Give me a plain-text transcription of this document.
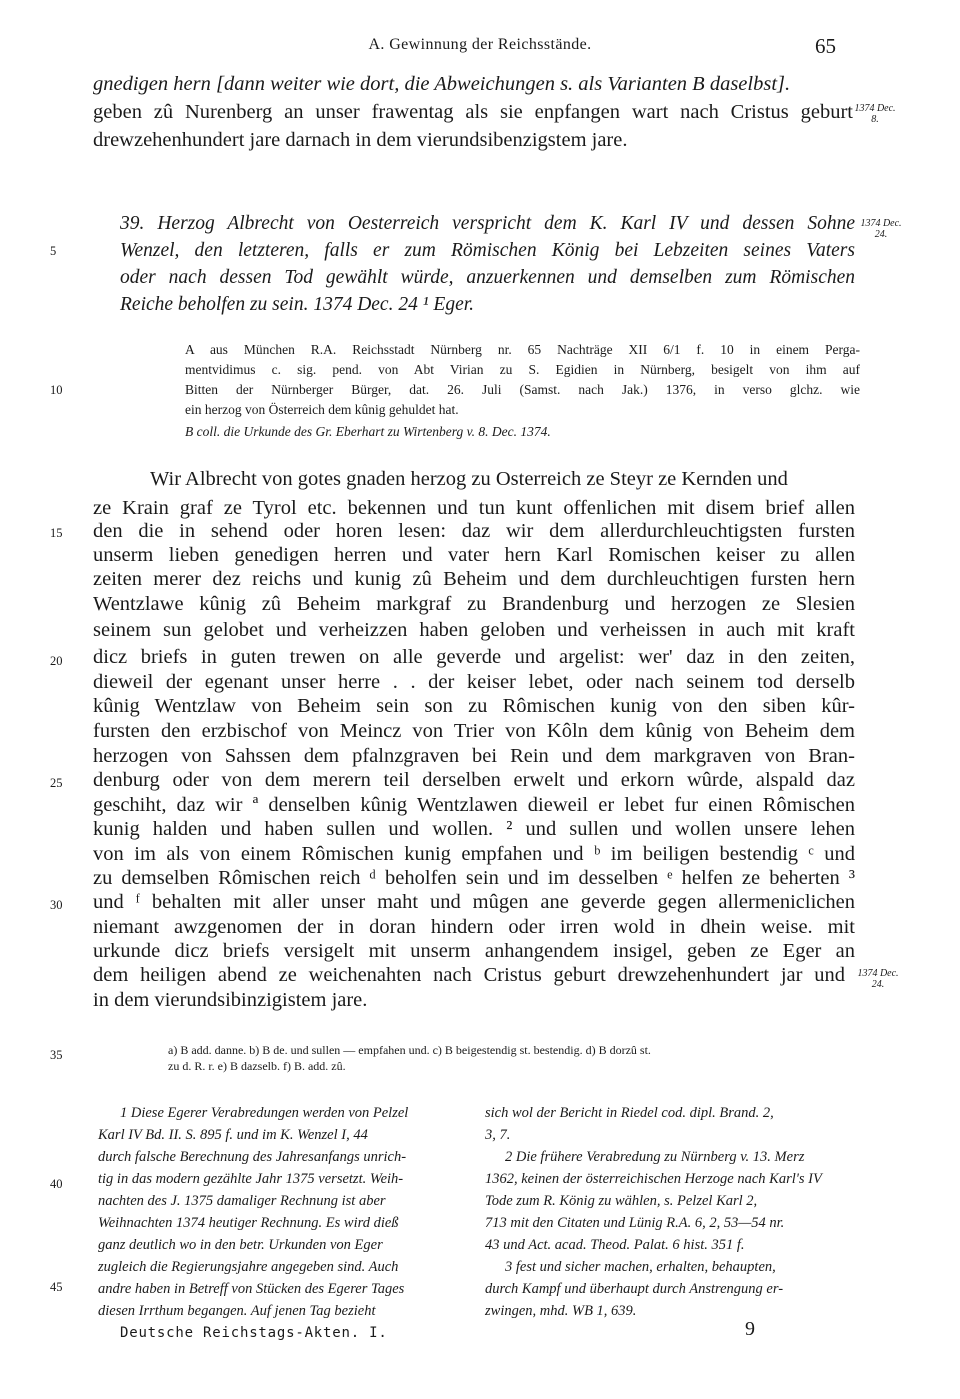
A. Gewinnung der Reichsstände.	65
gnedigen hern [dann weiter wie dort, die Abweichungen s. als Varianten B daselbst].
geben zû Nurenberg an unser frawentag als sie enpfangen wart nach Cristus geburt
drewzehenhundert jare darnach in dem vierundsibenzigstem jare.
1374 Dec. 8.
39. Herzog Albrecht von Oesterreich verspricht dem K. Karl IV und dessen Sohne
Wenzel, den letzteren, falls er zum Römischen König bei Lebzeiten seines Vaters
oder nach dessen Tod gewählt würde, anzuerkennen und demselben zum Römischen
Reiche beholfen zu sein. 1374 Dec. 24 ¹ Eger.
1374 Dec. 24.
A aus München R.A. Reichsstadt Nürnberg nr. 65 Nachträge XII 6/1 f. 10 in einem Perga-
mentvidimus c. sig. pend. von Abt Virian zu S. Egidien in Nürnberg, besigelt von ihm auf
Bitten der Nürnberger Bürger, dat. 26. Juli (Samst. nach Jak.) 1376, in verso glchz. wie
ein herzog von Österreich dem kûnig gehuldet hat.
B coll. die Urkunde des Gr. Eberhart zu Wirtenberg v. 8. Dec. 1374.
5
10
15
20
25
30
35
40
45
Wir Albrecht von gotes gnaden herzog zu Osterreich ze Steyr ze Kernden und
ze Krain graf ze Tyrol etc. bekennen und tun kunt offenlichen mit disem brief allen
den die in sehend oder horen lesen: daz wir dem allerdurchleuchtigsten fursten
unserm lieben genedigen herren und vater hern Karl Romischen keiser zu allen
zeiten merer dez reichs und kunig zû Beheim und dem durchleuchtigen fursten hern
Wentzlawe kûnig zû Beheim markgraf zu Brandenburg und herzogen ze Slesien
seinem sun gelobet und verheizzen haben geloben und verheissen in auch mit kraft
dicz briefs in guten trewen on alle geverde und argelist: wer' daz in den zeiten,
dieweil der egenant unser herre . . der keiser lebet, oder nach seinem tod derselb
kûnig Wentzlaw von Beheim sein son zu Rômischen kunig von den siben kûr-
fursten den erzbischof von Meincz von Trier von Kôln dem kûnig von Beheim dem
herzogen von Sahssen dem pfalnzgraven bei Rein und dem markgraven von Bran-
denburg oder von dem merern teil derselben erwelt und erkorn wûrde, alspald daz
geschiht, daz wir ª denselben kûnig Wentzlawen dieweil er lebet fur einen Rômischen
kunig halden und haben sullen und wollen. ² und sullen und wollen unsere lehen
von im als von einem Rômischen kunig empfahen und ᵇ im beiligen bestendig ᶜ und
zu demselben Rômischen reich ᵈ beholfen sein und im desselben ᵉ helfen ze beherten ³
und ᶠ behalten mit aller unser maht und mûgen ane geverde gegen allermeniclichen
niemant awzgenomen der in doran hindern oder irren wold in dhein weise. mit
urkunde dicz briefs versigelt mit unserm anhangendem insigel, geben ze Eger an
dem heiligen abend ze weichenahten nach Cristus geburt drewzehenhundert jar und
in dem vierundsibinzigistem jare.
1374 Dec. 24.
a) B add. danne. b) B de. und sullen — empfahen und. c) B beigestendig st. bestendig. d) B dorzû st.
zu d. R. r. e) B dazselb. f) B. add. zû.
1 Diese Egerer Verabredungen werden von Pelzel
Karl IV Bd. II. S. 895 f. und im K. Wenzel I, 44
durch falsche Berechnung des Jahresanfangs unrich-
tig in das modern gezählte Jahr 1375 versetzt. Weih-
nachten des J. 1375 damaliger Rechnung ist aber
Weihnachten 1374 heutiger Rechnung. Es wird dieß
ganz deutlich wo in den betr. Urkunden von Eger
zugleich die Regierungsjahre angegeben sind. Auch
andre haben in Betreff von Stücken des Egerer Tages
diesen Irrthum begangen. Auf jenen Tag bezieht
sich wol der Bericht in Riedel cod. dipl. Brand. 2,
3, 7.
2 Die frühere Verabredung zu Nürnberg v. 13. Merz
1362, keinen der österreichischen Herzoge nach Karl's IV
Tode zum R. König zu wählen, s. Pelzel Karl 2,
713 mit den Citaten und Lünig R.A. 6, 2, 53—54 nr.
43 und Act. acad. Theod. Palat. 6 hist. 351 f.
3 fest und sicher machen, erhalten, behaupten,
durch Kampf und überhaupt durch Anstrengung er-
zwingen, mhd. WB 1, 639.
Deutsche Reichstags-Akten. I.	9
